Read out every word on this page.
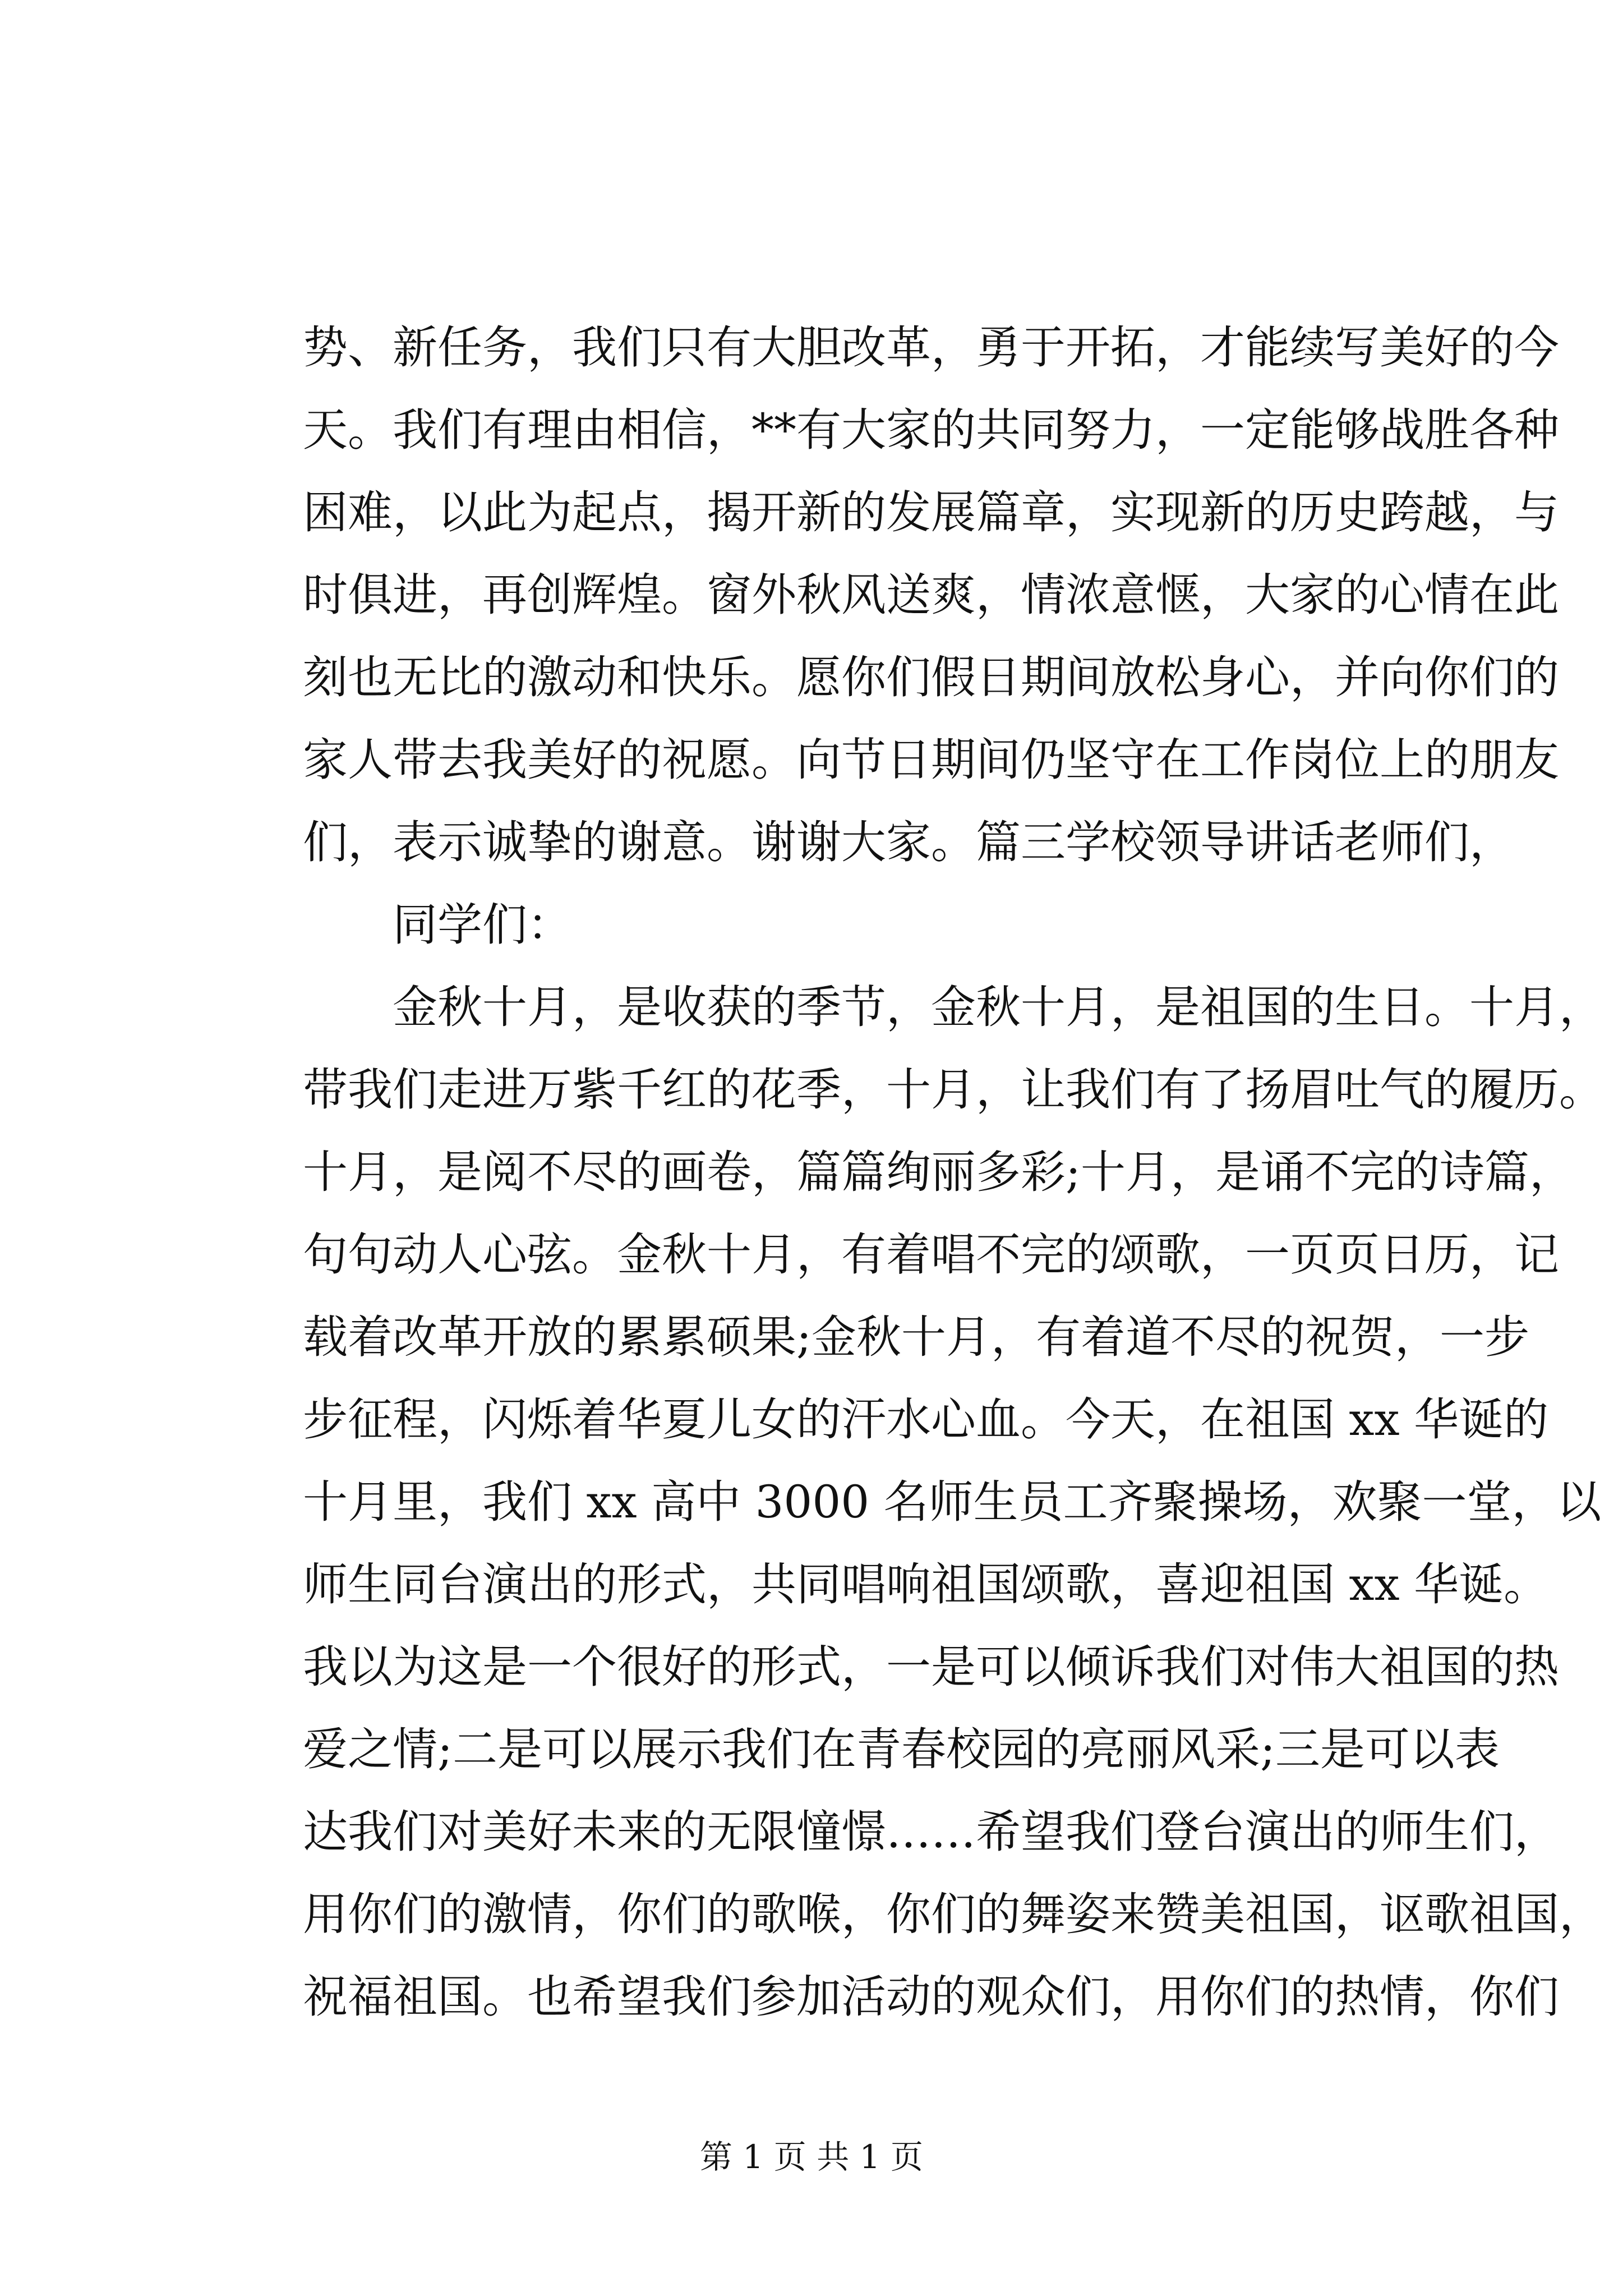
势、新任务，我们只有大胆改革，勇于开拓，才能续写美好的今
天。我们有理由相信，**有大家的共同努力，一定能够战胜各种
困难，以此为起点，揭开新的发展篇章，实现新的历史跨越，与
时俱进，再创辉煌。窗外秋风送爽，情浓意惬，大家的心情在此
刻也无比的激动和快乐。愿你们假日期间放松身心，并向你们的
家人带去我美好的祝愿。向节日期间仍坚守在工作岗位上的朋友
们，表示诚挚的谢意。谢谢大家。篇三学校领导讲话老师们，
　　同学们：
　　金秋十月，是收获的季节，金秋十月，是祖国的生日。十月，
带我们走进万紫千红的花季，十月，让我们有了扬眉吐气的履历。
十月，是阅不尽的画卷，篇篇绚丽多彩;十月，是诵不完的诗篇，
句句动人心弦。金秋十月，有着唱不完的颂歌，一页页日历，记
载着改革开放的累累硕果;金秋十月，有着道不尽的祝贺，一步
步征程，闪烁着华夏儿女的汗水心血。今天，在祖国 xx 华诞的
十月里，我们 xx 高中 3000 名师生员工齐聚操场，欢聚一堂，以
师生同台演出的形式，共同唱响祖国颂歌，喜迎祖国 xx 华诞。
我以为这是一个很好的形式，一是可以倾诉我们对伟大祖国的热
爱之情;二是可以展示我们在青春校园的亮丽风采;三是可以表
达我们对美好未来的无限憧憬……希望我们登台演出的师生们，
用你们的激情，你们的歌喉，你们的舞姿来赞美祖国，讴歌祖国，
祝福祖国。也希望我们参加活动的观众们，用你们的热情，你们
第 1 页 共 1 页
